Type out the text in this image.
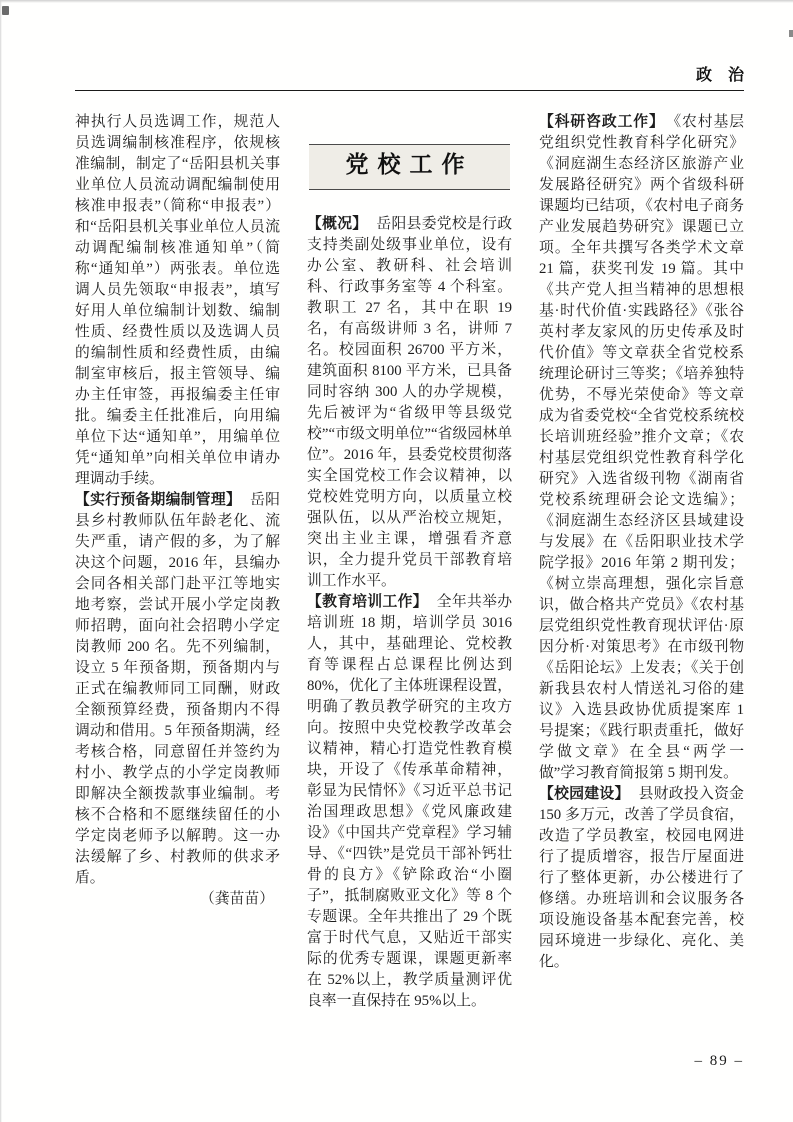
政　治

神执行人员选调工作，规范人员选调编制核准程序，依规核准编制，制定了“岳阳县机关事业单位人员流动调配编制使用核准申报表”（简称“申报表”）和“岳阳县机关事业单位人员流动调配编制核准通知单”（简称“通知单”）两张表。单位选调人员先领取“申报表”，填写好用人单位编制计划数、编制性质、经费性质以及选调人员的编制性质和经费性质，由编制室审核后，报主管领导、编办主任审签，再报编委主任审批。编委主任批准后，向用编单位下达“通知单”，用编单位凭“通知单”向相关单位申请办理调动手续。

【实行预备期编制管理】 岳阳县乡村教师队伍年龄老化、流失严重，请产假的多，为了解决这个问题，2016 年，县编办会同各相关部门赴平江等地实地考察，尝试开展小学定岗教师招聘，面向社会招聘小学定岗教师 200 名。先不列编制，设立 5 年预备期，预备期内与正式在编教师同工同酬，财政全额预算经费，预备期内不得调动和借用。5 年预备期满，经考核合格，同意留任并签约为村小、教学点的小学定岗教师即解决全额拨款事业编制。考核不合格和不愿继续留任的小学定岗老师予以解聘。这一办法缓解了乡、村教师的供求矛盾。

（龚苗苗）

党校工作

【概况】 岳阳县委党校是行政支持类副处级事业单位，设有办公室、教研科、社会培训科、行政事务室等 4 个科室。教职工 27 名，其中在职 19 名，有高级讲师 3 名，讲师 7 名。校园面积 26700 平方米，建筑面积 8100 平方米，已具备同时容纳 300 人的办学规模，先后被评为“省级甲等县级党校”“市级文明单位”“省级园林单位”。2016 年，县委党校贯彻落实全国党校工作会议精神，以党校姓党明方向，以质量立校强队伍，以从严治校立规矩，突出主业主课，增强看齐意识，全力提升党员干部教育培训工作水平。

【教育培训工作】 全年共举办培训班 18 期，培训学员 3016 人，其中，基础理论、党校教育等课程占总课程比例达到 80%，优化了主体班课程设置，明确了教员教学研究的主攻方向。按照中央党校教学改革会议精神，精心打造党性教育模块，开设了《传承革命精神，彰显为民情怀》《习近平总书记治国理政思想》《党风廉政建设》《中国共产党章程》学习辅导、《“四铁”是党员干部补钙壮骨的良方》《铲除政治“小圈子”，抵制腐败亚文化》等 8 个专题课。全年共推出了 29 个既富于时代气息，又贴近干部实际的优秀专题课，课题更新率在 52%以上，教学质量测评优良率一直保持在 95%以上。

【科研咨政工作】 《农村基层党组织党性教育科学化研究》《洞庭湖生态经济区旅游产业发展路径研究》两个省级科研课题均已结项，《农村电子商务产业发展趋势研究》课题已立项。全年共撰写各类学术文章 21 篇，获奖刊发 19 篇。其中《共产党人担当精神的思想根基·时代价值·实践路径》《张谷英村孝友家风的历史传承及时代价值》等文章获全省党校系统理论研讨三等奖；《培养独特优势，不辱光荣使命》等文章成为省委党校“全省党校系统校长培训班经验”推介文章；《农村基层党组织党性教育科学化研究》入选省级刊物《湖南省党校系统理研会论文选编》；《洞庭湖生态经济区县域建设与发展》在《岳阳职业技术学院学报》2016 年第 2 期刊发；《树立崇高理想，强化宗旨意识，做合格共产党员》《农村基层党组织党性教育现状评估·原因分析·对策思考》在市级刊物《岳阳论坛》上发表；《关于创新我县农村人情送礼习俗的建议》入选县政协优质提案库 1 号提案；《践行职责重托，做好学做文章》在全县“两学一做”学习教育简报第 5 期刊发。

【校园建设】 县财政投入资金 150 多万元，改善了学员食宿，改造了学员教室，校园电网进行了提质增容，报告厅屋面进行了整体更新，办公楼进行了修缮。办班培训和会议服务各项设施设备基本配套完善，校园环境进一步绿化、亮化、美化。

– 89 –
